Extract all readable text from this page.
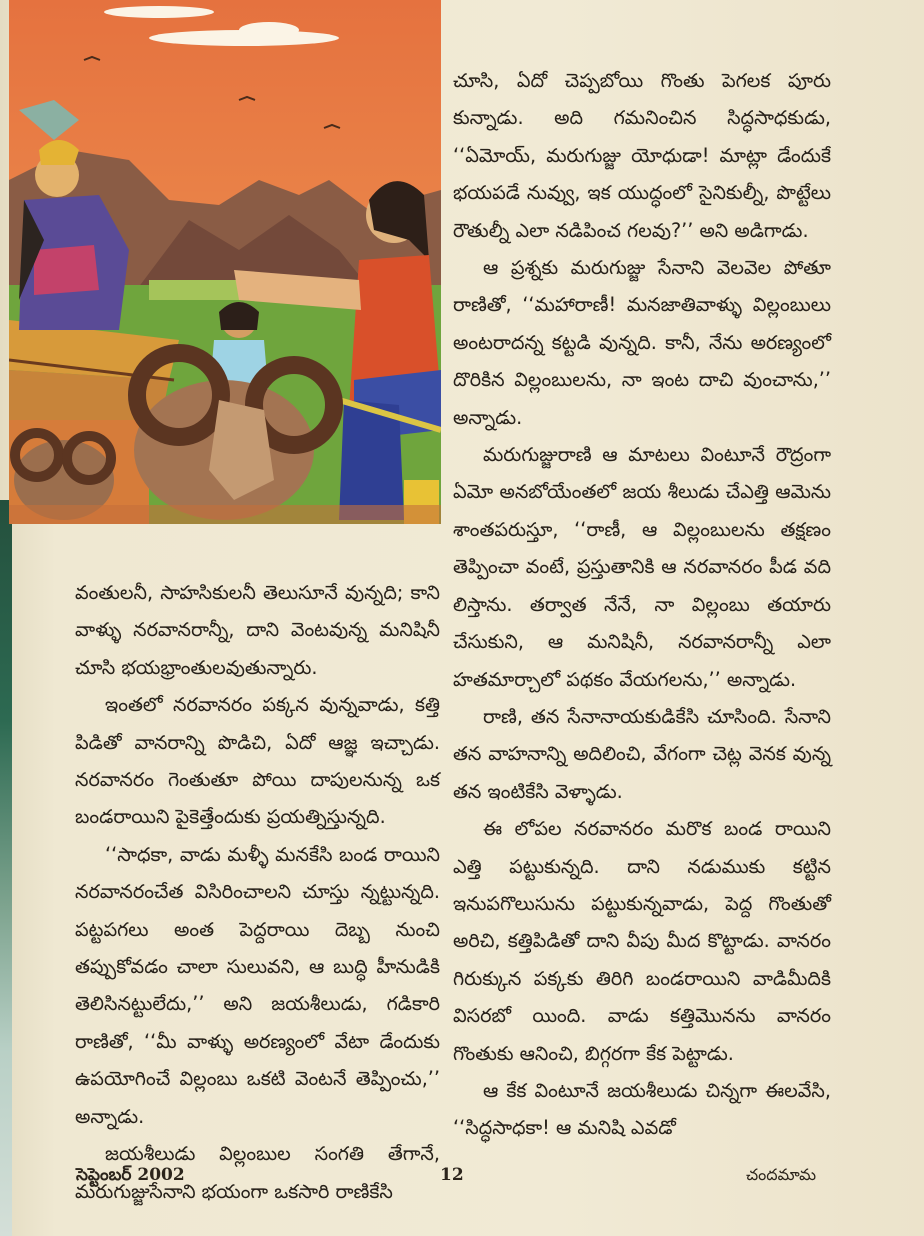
వంతులనీ, సాహసికులనీ తెలుసూనే వున్నది; కాని వాళ్ళు నరవానరాన్నీ, దాని వెంటవున్న మనిషినీ చూసి భయభ్రాంతులవుతున్నారు.

ఇంతలో నరవానరం పక్కన వున్నవాడు, కత్తి పిడితో వానరాన్ని పొడిచి, ఏదో ఆజ్ఞ ఇచ్చాడు. నరవానరం గెంతుతూ పోయి దాపులనున్న ఒక బండరాయిని పైకెత్తేందుకు ప్రయత్నిస్తున్నది.

‘‘సాధకా, వాడు మళ్ళీ మనకేసి బండ రాయిని నరవానరంచేత విసిరించాలని చూస్తు న్నట్టున్నది. పట్టపగలు అంత పెద్దరాయి దెబ్బ నుంచి తప్పుకోవడం చాలా సులువని, ఆ బుద్ధి హీనుడికి తెలిసినట్టులేదు,’’ అని జయశీలుడు, గడికారి రాణితో, ‘‘మీ వాళ్ళు అరణ్యంలో వేటా డేందుకు ఉపయోగించే విల్లంబు ఒకటి వెంటనే తెప్పించు,’’ అన్నాడు.

జయశీలుడు విల్లంబుల సంగతి తేగానే, మరుగుజ్జుసేనాని భయంగా ఒకసారి రాణికేసి

చూసి, ఏదో చెప్పబోయి గొంతు పెగలక పూరు కున్నాడు. అది గమనించిన సిద్ధసాధకుడు, ‘‘ఏమోయ్, మరుగుజ్జు యోధుడా! మాట్లా డేందుకే భయపడే నువ్వు, ఇక యుద్ధంలో సైనికుల్నీ, పొట్టేలు రౌతుల్నీ ఎలా నడిపించ గలవు?’’ అని అడిగాడు.

ఆ ప్రశ్నకు మరుగుజ్జు సేనాని వెలవెల పోతూ రాణితో, ‘‘మహారాణీ! మనజాతివాళ్ళు విల్లంబులు అంటరాదన్న కట్టడి వున్నది. కానీ, నేను అరణ్యంలో దొరికిన విల్లంబులను, నా ఇంట దాచి వుంచాను,’’ అన్నాడు.

మరుగుజ్జురాణి ఆ మాటలు వింటూనే రౌద్రంగా ఏమో అనబోయేంతలో జయ శీలుడు చేఎత్తి ఆమెను శాంతపరుస్తూ, ‘‘రాణీ, ఆ విల్లంబులను తక్షణం తెప్పించా వంటే, ప్రస్తుతానికి ఆ నరవానరం పీడ వది లిస్తాను. తర్వాత నేనే, నా విల్లంబు తయారు చేసుకుని, ఆ మనిషినీ, నరవానరాన్నీ ఎలా హతమార్చాలో పథకం వేయగలను,’’ అన్నాడు.

రాణి, తన సేనానాయకుడికేసి చూసింది. సేనాని తన వాహనాన్ని అదిలించి, వేగంగా చెట్ల వెనక వున్న తన ఇంటికేసి వెళ్ళాడు.

ఈ లోపల నరవానరం మరొక బండ రాయిని ఎత్తి పట్టుకున్నది. దాని నడుముకు కట్టిన ఇనుపగొలుసును పట్టుకున్నవాడు, పెద్ద గొంతుతో అరిచి, కత్తిపిడితో దాని వీపు మీద కొట్టాడు. వానరం గిరుక్కున పక్కకు తిరిగి బండరాయిని వాడిమీదికి విసరబో యింది. వాడు కత్తిమొనను వానరం గొంతుకు ఆనించి, బిగ్గరగా కేక పెట్టాడు.

ఆ కేక వింటూనే జయశీలుడు చిన్నగా ఈలవేసి, ‘‘సిద్ధసాధకా! ఆ మనిషి ఎవడో

సెప్టెంబర్ 2002	12	చందమామ
